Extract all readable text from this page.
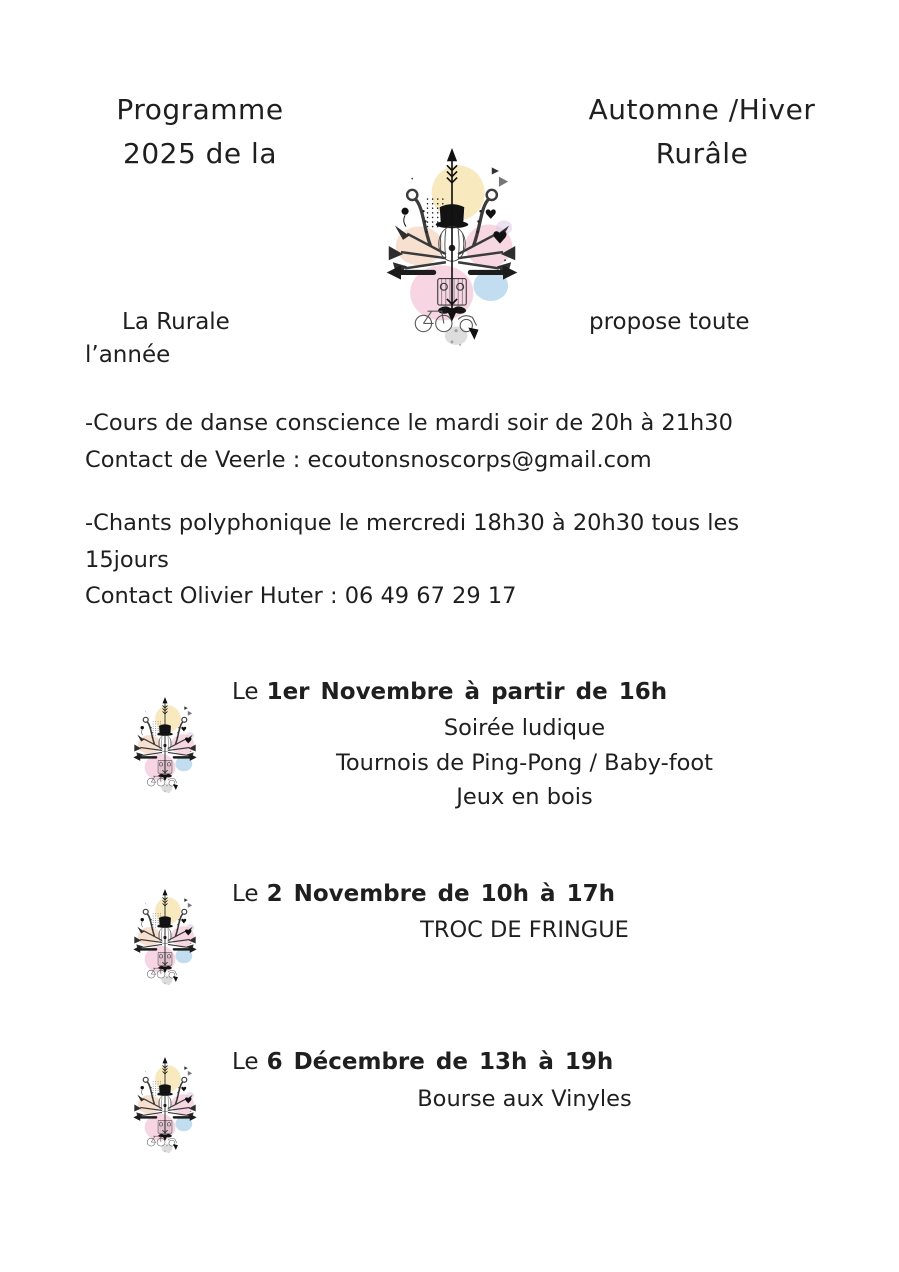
Programme
2025 de la
Automne /Hiver
Rurâle
La Rurale	propose toute
l’année
-Cours de danse conscience le mardi soir de 20h à 21h30
Contact de Veerle : ecoutonsnoscorps@gmail.com
-Chants polyphonique le mercredi 18h30 à 20h30 tous les
15jours
Contact Olivier Huter : 06 49 67 29 17
Le 1er Novembre à partir de 16h
Soirée ludique
Tournois de Ping-Pong / Baby-foot
Jeux en bois
Le 2 Novembre de 10h à 17h
TROC DE FRINGUE
Le 6 Décembre de 13h à 19h
Bourse aux Vinyles
